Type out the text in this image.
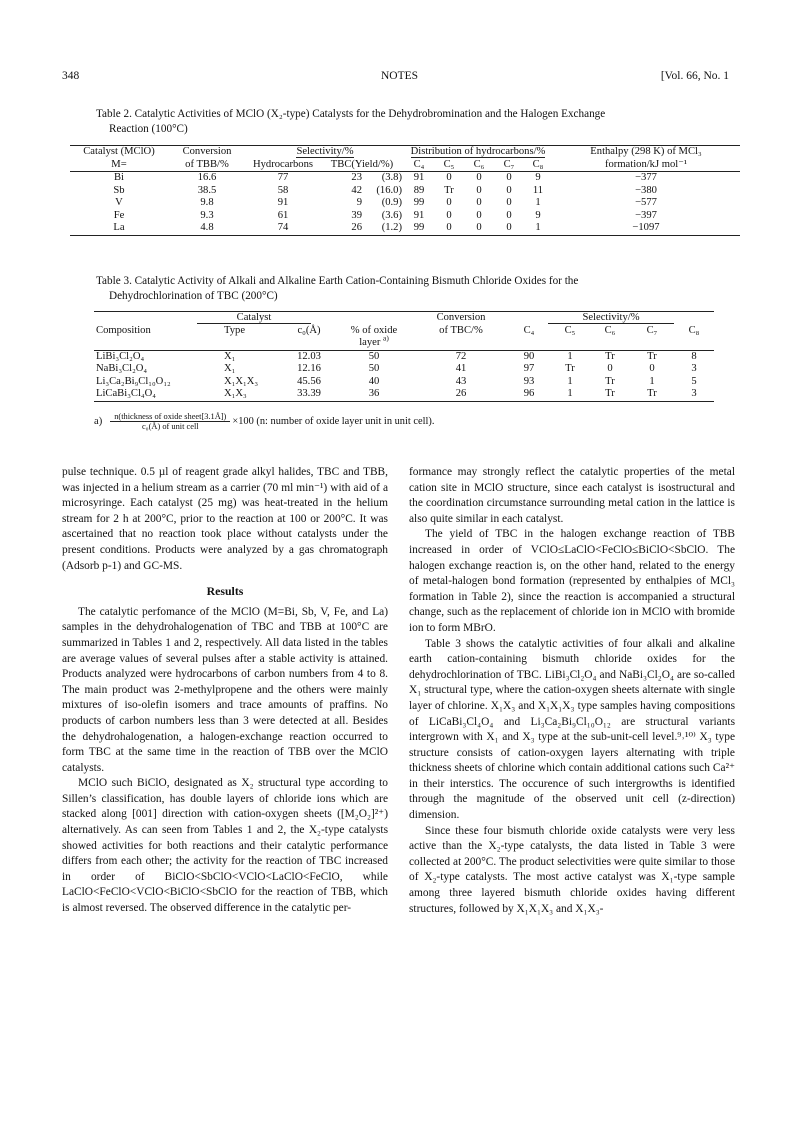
348	NOTES	[Vol. 66, No. 1
Table 2. Catalytic Activities of MClO (X₂-type) Catalysts for the Dehydrobromination and the Halogen Exchange
Reaction (100°C)
Catalyst (MClO)	Conversion	Selectivity/%			Distribution of hydrocarbons/%					Enthalpy (298 K) of MCl₃
M=	of TBB/%	Hydrocarbons	TBC(Yield/%)		C₄	C₅	C₆	C₇	C₈	formation/kJ mol⁻¹
Bi	16.6	77	23	(3.8)	91	0	0	0	9	−377
Sb	38.5	58	42	(16.0)	89	Tr	0	0	11	−380
V	9.8	91	9	(0.9)	99	0	0	0	1	−577
Fe	9.3	61	39	(3.6)	91	0	0	0	9	−397
La	4.8	74	26	(1.2)	99	0	0	0	1	−1097
Table 3. Catalytic Activity of Alkali and Alkaline Earth Cation-Containing Bismuth Chloride Oxides for the
Dehydrochlorination of TBC (200°C)
Catalyst				Conversion	Selectivity/%				
Composition	Type	c₀(Å)	% of oxide	of TBC/%	C₄	C₅	C₆	C₇	C₈
			layer $^{a)}$						
LiBi₃Cl₂O₄	X₁	12.03	50	72	90	1	Tr	Tr	8
NaBi₃Cl₂O₄	X₁	12.16	50	41	97	Tr	0	0	3
Li₃Ca₂Bi₉Cl₁₀O₁₂	X₁X₁X₃	45.56	40	43	93	1	Tr	1	5
LiCaBi₃Cl₄O₄	X₁X₃	33.39	36	26	96	1	Tr	Tr	3
a)	n(thickness of oxide sheet[3.1Å])
c₀(Å) of unit cell	×100 (n: number of oxide layer unit in unit cell).

pulse technique. 0.5 µl of reagent grade alkyl halides, TBC and TBB, was injected in a helium stream as a carrier (70 ml min⁻¹) with aid of a microsyringe. Each catalyst (25 mg) was heat-treated in the helium stream for 2 h at 200°C, prior to the reaction at 100 or 200°C. It was ascertained that no reaction took place without catalysts under the present conditions. Products were analyzed by a gas chromatograph (Adsorb p-1) and GC-MS.

Results

The catalytic perfomance of the MClO (M=Bi, Sb, V, Fe, and La) samples in the dehydrohalogenation of TBC and TBB at 100°C are summarized in Tables 1 and 2, respectively. All data listed in the tables are average values of several pulses after a stable activity is attained. Products analyzed were hydrocarbons of carbon numbers from 4 to 8. The main product was 2-methylpropene and the others were mainly mixtures of iso-olefin isomers and trace amounts of praffins. No products of carbon numbers less than 3 were detected at all. Besides the dehydrohalogenation, a halogen-exchange reaction occurred to form TBC at the same time in the reaction of TBB over the MClO catalysts.

MClO such BiClO, designated as X₂ structural type according to Sillen’s classification, has double layers of chloride ions which are stacked along [001] direction with cation-oxygen sheets ([M₂O₂]²⁺) alternatively. As can seen from Tables 1 and 2, the X₂-type catalysts showed activities for both reactions and their catalytic performance differs from each other; the activity for the reaction of TBC increased in order of BiClO<SbClO<VClO<LaClO<FeClO, while LaClO<FeClO<VClO<BiClO<SbClO for the reaction of TBB, which is almost reversed. The observed difference in the catalytic per-

formance may strongly reflect the catalytic properties of the metal cation site in MClO structure, since each catalyst is isostructural and the coordination circumstance surrounding metal cation in the lattice is also quite similar in each catalyst.

The yield of TBC in the halogen exchange reaction of TBB increased in order of VClO≤LaClO<FeClO≤BiClO<SbClO. The halogen exchange reaction is, on the other hand, related to the energy of metal-halogen bond formation (represented by enthalpies of MCl₃ formation in Table 2), since the reaction is accompanied a structural change, such as the replacement of chloride ion in MClO with bromide ion to form MBrO.

Table 3 shows the catalytic activities of four alkali and alkaline earth cation-containing bismuth chloride oxides for the dehydrochlorination of TBC. LiBi₃Cl₂O₄ and NaBi₃Cl₂O₄ are so-called X₁ structural type, where the cation-oxygen sheets alternate with single layer of chlorine. X₁X₃ and X₁X₁X₃ type samples having compositions of LiCaBi₃Cl₄O₄ and Li₃Ca₂Bi₉Cl₁₀O₁₂ are structural variants intergrown with X₁ and X₃ type at the sub-unit-cell level.⁹˒¹⁰⁾ X₃ type structure consists of cation-oxygen layers alternating with triple thickness sheets of chlorine which contain additional cations such Ca²⁺ in their interstics. The occurence of such intergrowths is identified through the magnitude of the observed unit cell (z-direction) dimension.

Since these four bismuth chloride oxide catalysts were very less active than the X₂-type catalysts, the data listed in Table 3 were collected at 200°C. The product selectivities were quite similar to those of X₂-type catalysts. The most active catalyst was X₁-type sample among three layered bismuth chloride oxides having different structures, followed by X₁X₁X₃ and X₁X₃-
